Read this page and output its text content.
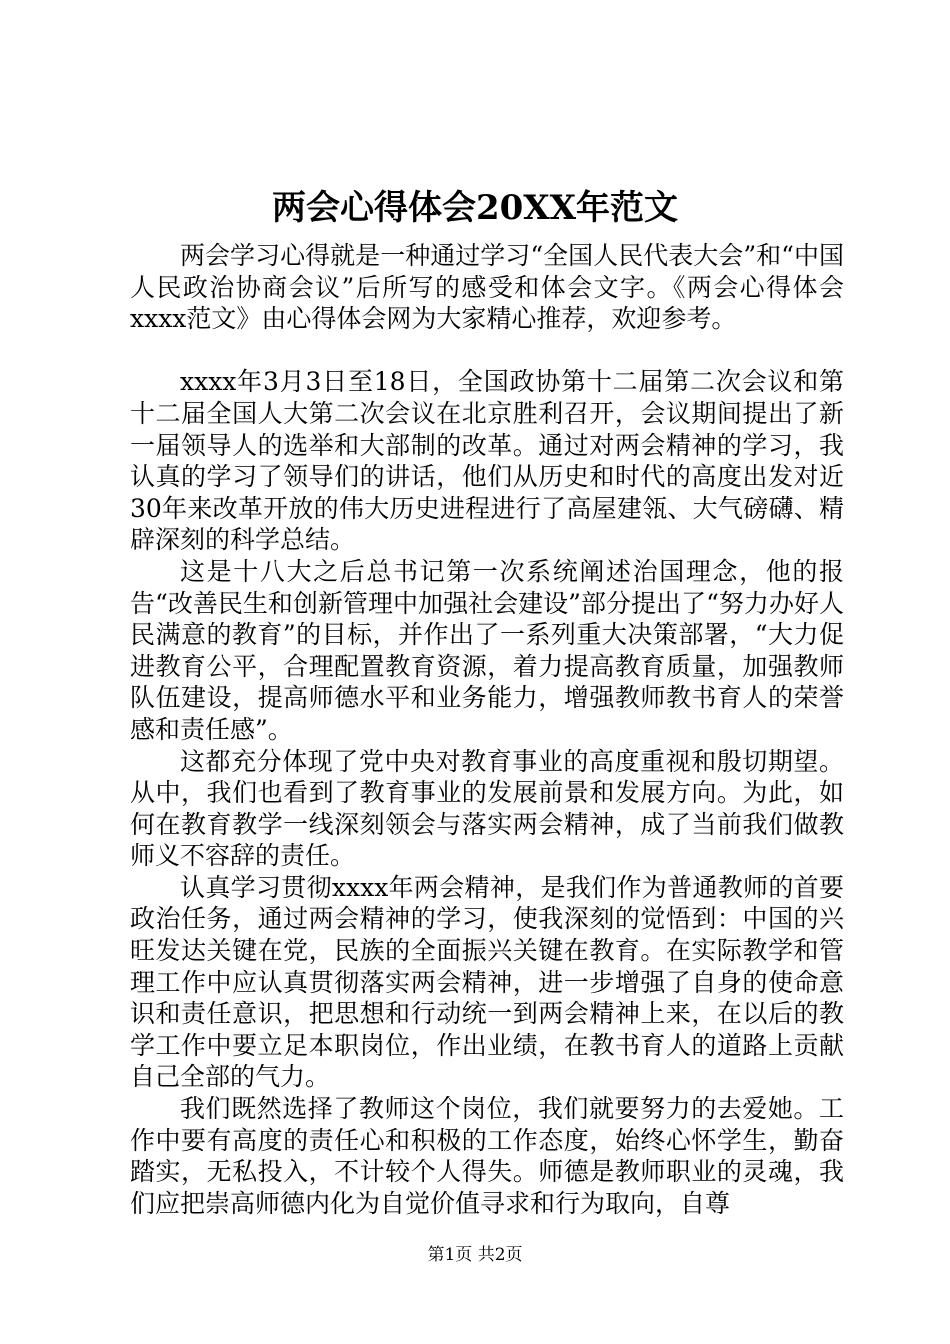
两会心得体会20XX年范文

两会学习心得就是一种通过学习“全国人民代表大会”和“中国人民政治协商会议”后所写的感受和体会文字。《两会心得体会xxxx范文》由心得体会网为大家精心推荐，欢迎参考。

xxxx年3月3日至18日，全国政协第十二届第二次会议和第十二届全国人大第二次会议在北京胜利召开，会议期间提出了新一届领导人的选举和大部制的改革。通过对两会精神的学习，我认真的学习了领导们的讲话，他们从历史和时代的高度出发对近30年来改革开放的伟大历史进程进行了高屋建瓴、大气磅礴、精辟深刻的科学总结。

这是十八大之后总书记第一次系统阐述治国理念，他的报告“改善民生和创新管理中加强社会建设”部分提出了“努力办好人民满意的教育”的目标，并作出了一系列重大决策部署，“大力促进教育公平，合理配置教育资源，着力提高教育质量，加强教师队伍建设，提高师德水平和业务能力，增强教师教书育人的荣誉感和责任感”。

这都充分体现了党中央对教育事业的高度重视和殷切期望。从中，我们也看到了教育事业的发展前景和发展方向。为此，如何在教育教学一线深刻领会与落实两会精神，成了当前我们做教师义不容辞的责任。

认真学习贯彻xxxx年两会精神，是我们作为普通教师的首要政治任务，通过两会精神的学习，使我深刻的觉悟到：中国的兴旺发达关键在党，民族的全面振兴关键在教育。在实际教学和管理工作中应认真贯彻落实两会精神，进一步增强了自身的使命意识和责任意识，把思想和行动统一到两会精神上来，在以后的教学工作中要立足本职岗位，作出业绩，在教书育人的道路上贡献自己全部的气力。

我们既然选择了教师这个岗位，我们就要努力的去爱她。工作中要有高度的责任心和积极的工作态度，始终心怀学生，勤奋踏实，无私投入，不计较个人得失。师德是教师职业的灵魂，我们应把崇高师德内化为自觉价值寻求和行为取向，自尊

第1页 共2页
